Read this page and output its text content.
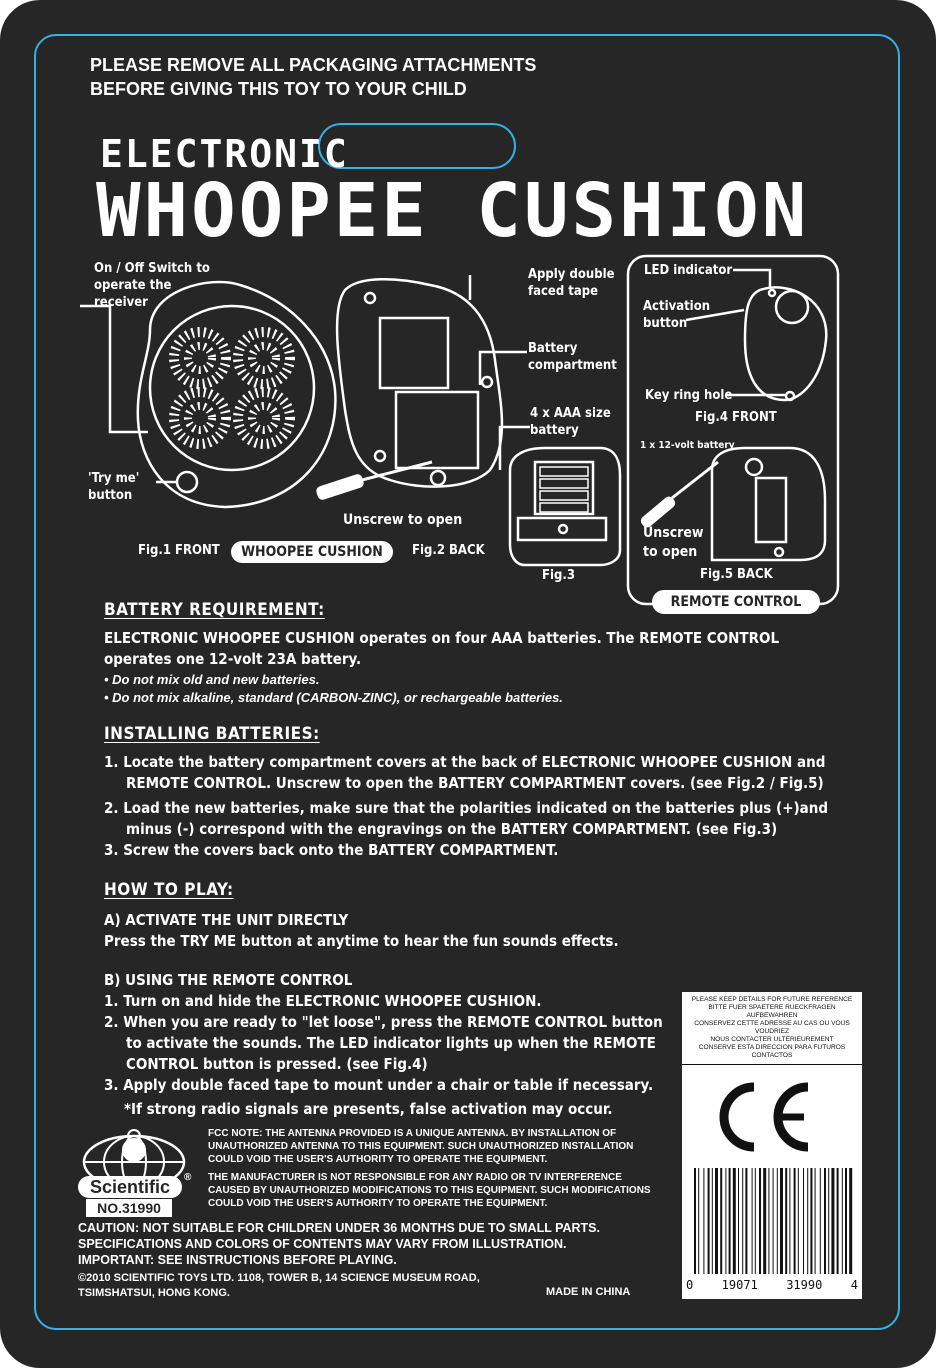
PLEASE REMOVE ALL PACKAGING ATTACHMENTS
BEFORE GIVING THIS TOY TO YOUR CHILD
ELECTRONIC
WHOOPEE CUSHION
On / Off Switch to operate the receiver
'Try me' button
Apply double faced tape
Battery compartment
4 x AAA size battery
Unscrew to open
Fig.1 FRONT	WHOOPEE CUSHION	Fig.2 BACK
Fig.3
LED indicator
Activation button
Key ring hole
Fig.4 FRONT
1 x 12-volt battery
Unscrew to open
Fig.5 BACK
REMOTE CONTROL
BATTERY REQUIREMENT:
ELECTRONIC WHOOPEE CUSHION operates on four AAA batteries. The REMOTE CONTROL operates one 12-volt 23A battery.
• Do not mix old and new batteries.
• Do not mix alkaline, standard (CARBON-ZINC), or rechargeable batteries.
INSTALLING BATTERIES:
1. Locate the battery compartment covers at the back of ELECTRONIC WHOOPEE CUSHION and REMOTE CONTROL. Unscrew to open the BATTERY COMPARTMENT covers. (see Fig.2 / Fig.5)
2. Load the new batteries, make sure that the polarities indicated on the batteries plus (+)and minus (-) correspond with the engravings on the BATTERY COMPARTMENT. (see Fig.3)
3. Screw the covers back onto the BATTERY COMPARTMENT.
HOW TO PLAY:
A) ACTIVATE THE UNIT DIRECTLY
Press the TRY ME button at anytime to hear the fun sounds effects.
B) USING THE REMOTE CONTROL
1. Turn on and hide the ELECTRONIC WHOOPEE CUSHION.
2. When you are ready to "let loose", press the REMOTE CONTROL button to activate the sounds. The LED indicator lights up when the REMOTE CONTROL button is pressed. (see Fig.4)
3. Apply double faced tape to mount under a chair or table if necessary.
*If strong radio signals are presents, false activation may occur.
PLEASE KEEP DETAILS FOR FUTURE REFERENCE
BITTE FUER SPAETERE RUECKFRAGEN AUFBEWAHREN
CONSERVEZ CETTE ADRESSE AU CAS OU VOUS VOUDRIEZ
NOUS CONTACTER ULTERIEUREMENT
CONSERVE ESTA DIRECCION PARA FUTUROS CONTACTOS
0 19071 31990 4
FCC NOTE: THE ANTENNA PROVIDED IS A UNIQUE ANTENNA. BY INSTALLATION OF UNAUTHORIZED ANTENNA TO THIS EQUIPMENT. SUCH UNAUTHORIZED INSTALLATION COULD VOID THE USER'S AUTHORITY TO OPERATE THE EQUIPMENT.
THE MANUFACTURER IS NOT RESPONSIBLE FOR ANY RADIO OR TV INTERFERENCE CAUSED BY UNAUTHORIZED MODIFICATIONS TO THIS EQUIPMENT. SUCH MODIFICATIONS COULD VOID THE USER'S AUTHORITY TO OPERATE THE EQUIPMENT.
Scientific	®
NO.31990
CAUTION: NOT SUITABLE FOR CHILDREN UNDER 36 MONTHS DUE TO SMALL PARTS.
SPECIFICATIONS AND COLORS OF CONTENTS MAY VARY FROM ILLUSTRATION.
IMPORTANT: SEE INSTRUCTIONS BEFORE PLAYING.
©2010 SCIENTIFIC TOYS LTD. 1108, TOWER B, 14 SCIENCE MUSEUM ROAD,
TSIMSHATSUI, HONG KONG.	MADE IN CHINA
